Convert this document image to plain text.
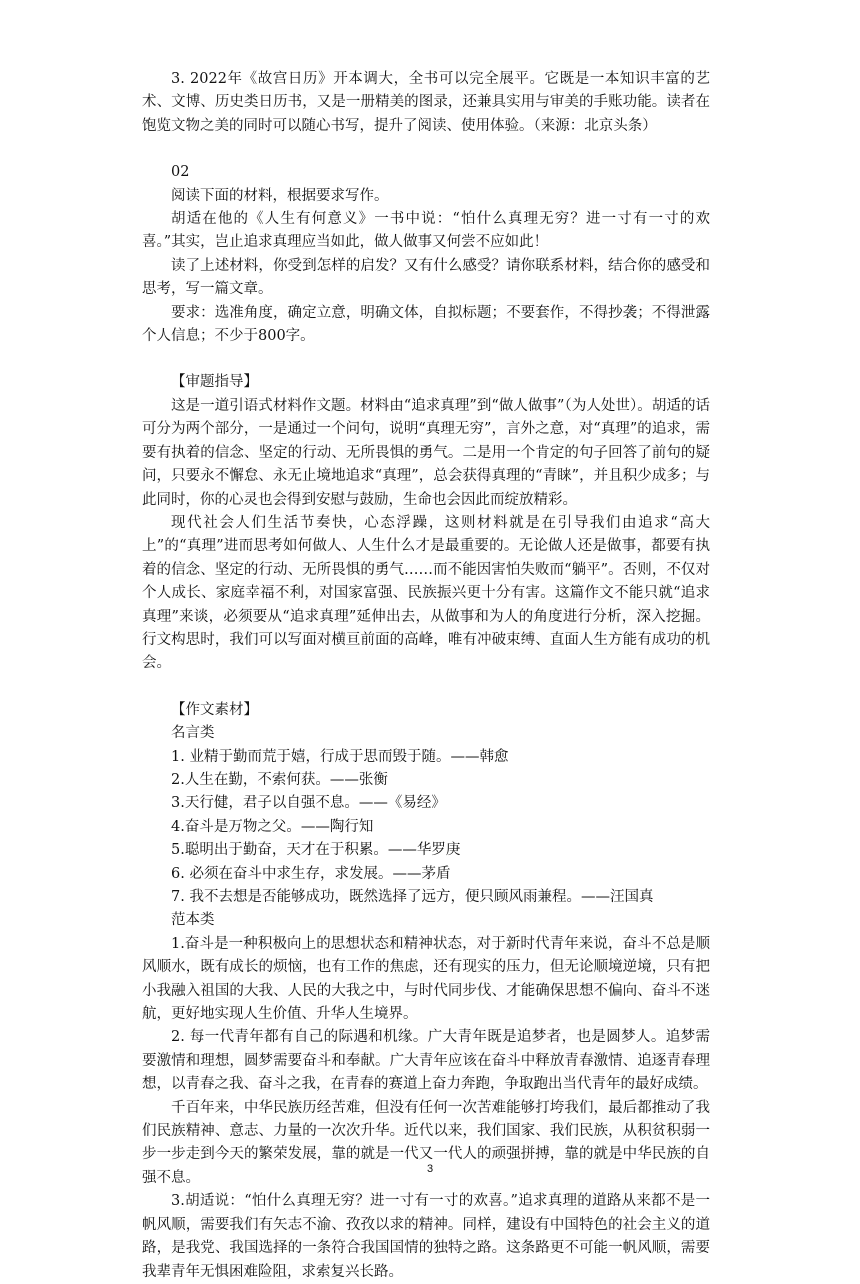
3. 2022年《故宫日历》开本调大，全书可以完全展平。它既是一本知识丰富的艺术、文博、历史类日历书，又是一册精美的图录，还兼具实用与审美的手账功能。读者在饱览文物之美的同时可以随心书写，提升了阅读、使用体验。（来源：北京头条）

02

阅读下面的材料，根据要求写作。

胡适在他的《人生有何意义》一书中说：“怕什么真理无穷？进一寸有一寸的欢喜。”其实，岂止追求真理应当如此，做人做事又何尝不应如此！

读了上述材料，你受到怎样的启发？又有什么感受？请你联系材料，结合你的感受和思考，写一篇文章。

要求：选准角度，确定立意，明确文体，自拟标题；不要套作，不得抄袭；不得泄露个人信息；不少于800字。

【审题指导】

这是一道引语式材料作文题。材料由“追求真理”到“做人做事”（为人处世）。胡适的话可分为两个部分，一是通过一个问句，说明“真理无穷”，言外之意，对“真理”的追求，需要有执着的信念、坚定的行动、无所畏惧的勇气。二是用一个肯定的句子回答了前句的疑问，只要永不懈怠、永无止境地追求“真理”，总会获得真理的“青睐”，并且积少成多；与此同时，你的心灵也会得到安慰与鼓励，生命也会因此而绽放精彩。

现代社会人们生活节奏快，心态浮躁，这则材料就是在引导我们由追求“高大上”的“真理”进而思考如何做人、人生什么才是最重要的。无论做人还是做事，都要有执着的信念、坚定的行动、无所畏惧的勇气……而不能因害怕失败而“躺平”。否则，不仅对个人成长、家庭幸福不利，对国家富强、民族振兴更十分有害。这篇作文不能只就“追求真理”来谈，必须要从“追求真理”延伸出去，从做事和为人的角度进行分析，深入挖掘。行文构思时，我们可以写面对横亘前面的高峰，唯有冲破束缚、直面人生方能有成功的机会。

【作文素材】

名言类

1. 业精于勤而荒于嬉，行成于思而毁于随。——韩愈

2.人生在勤，不索何获。——张衡

3.天行健，君子以自强不息。——《易经》

4.奋斗是万物之父。——陶行知

5.聪明出于勤奋，天才在于积累。——华罗庚

6. 必须在奋斗中求生存，求发展。——茅盾

7. 我不去想是否能够成功，既然选择了远方，便只顾风雨兼程。——汪国真

范本类

1.奋斗是一种积极向上的思想状态和精神状态，对于新时代青年来说，奋斗不总是顺风顺水，既有成长的烦恼，也有工作的焦虑，还有现实的压力，但无论顺境逆境，只有把小我融入祖国的大我、人民的大我之中，与时代同步伐、才能确保思想不偏向、奋斗不迷航，更好地实现人生价值、升华人生境界。

2. 每一代青年都有自己的际遇和机缘。广大青年既是追梦者，也是圆梦人。追梦需要激情和理想，圆梦需要奋斗和奉献。广大青年应该在奋斗中释放青春激情、追逐青春理想，以青春之我、奋斗之我，在青春的赛道上奋力奔跑，争取跑出当代青年的最好成绩。

千百年来，中华民族历经苦难，但没有任何一次苦难能够打垮我们，最后都推动了我们民族精神、意志、力量的一次次升华。近代以来，我们国家、我们民族，从积贫积弱一步一步走到今天的繁荣发展，靠的就是一代又一代人的顽强拼搏，靠的就是中华民族的自强不息。

3.胡适说：“怕什么真理无穷？进一寸有一寸的欢喜。”追求真理的道路从来都不是一帆风顺，需要我们有矢志不渝、孜孜以求的精神。同样，建设有中国特色的社会主义的道路，是我党、我国选择的一条符合我国国情的独特之路。这条路更不可能一帆风顺，需要我辈青年无惧困难险阻，求索复兴长路。

3
